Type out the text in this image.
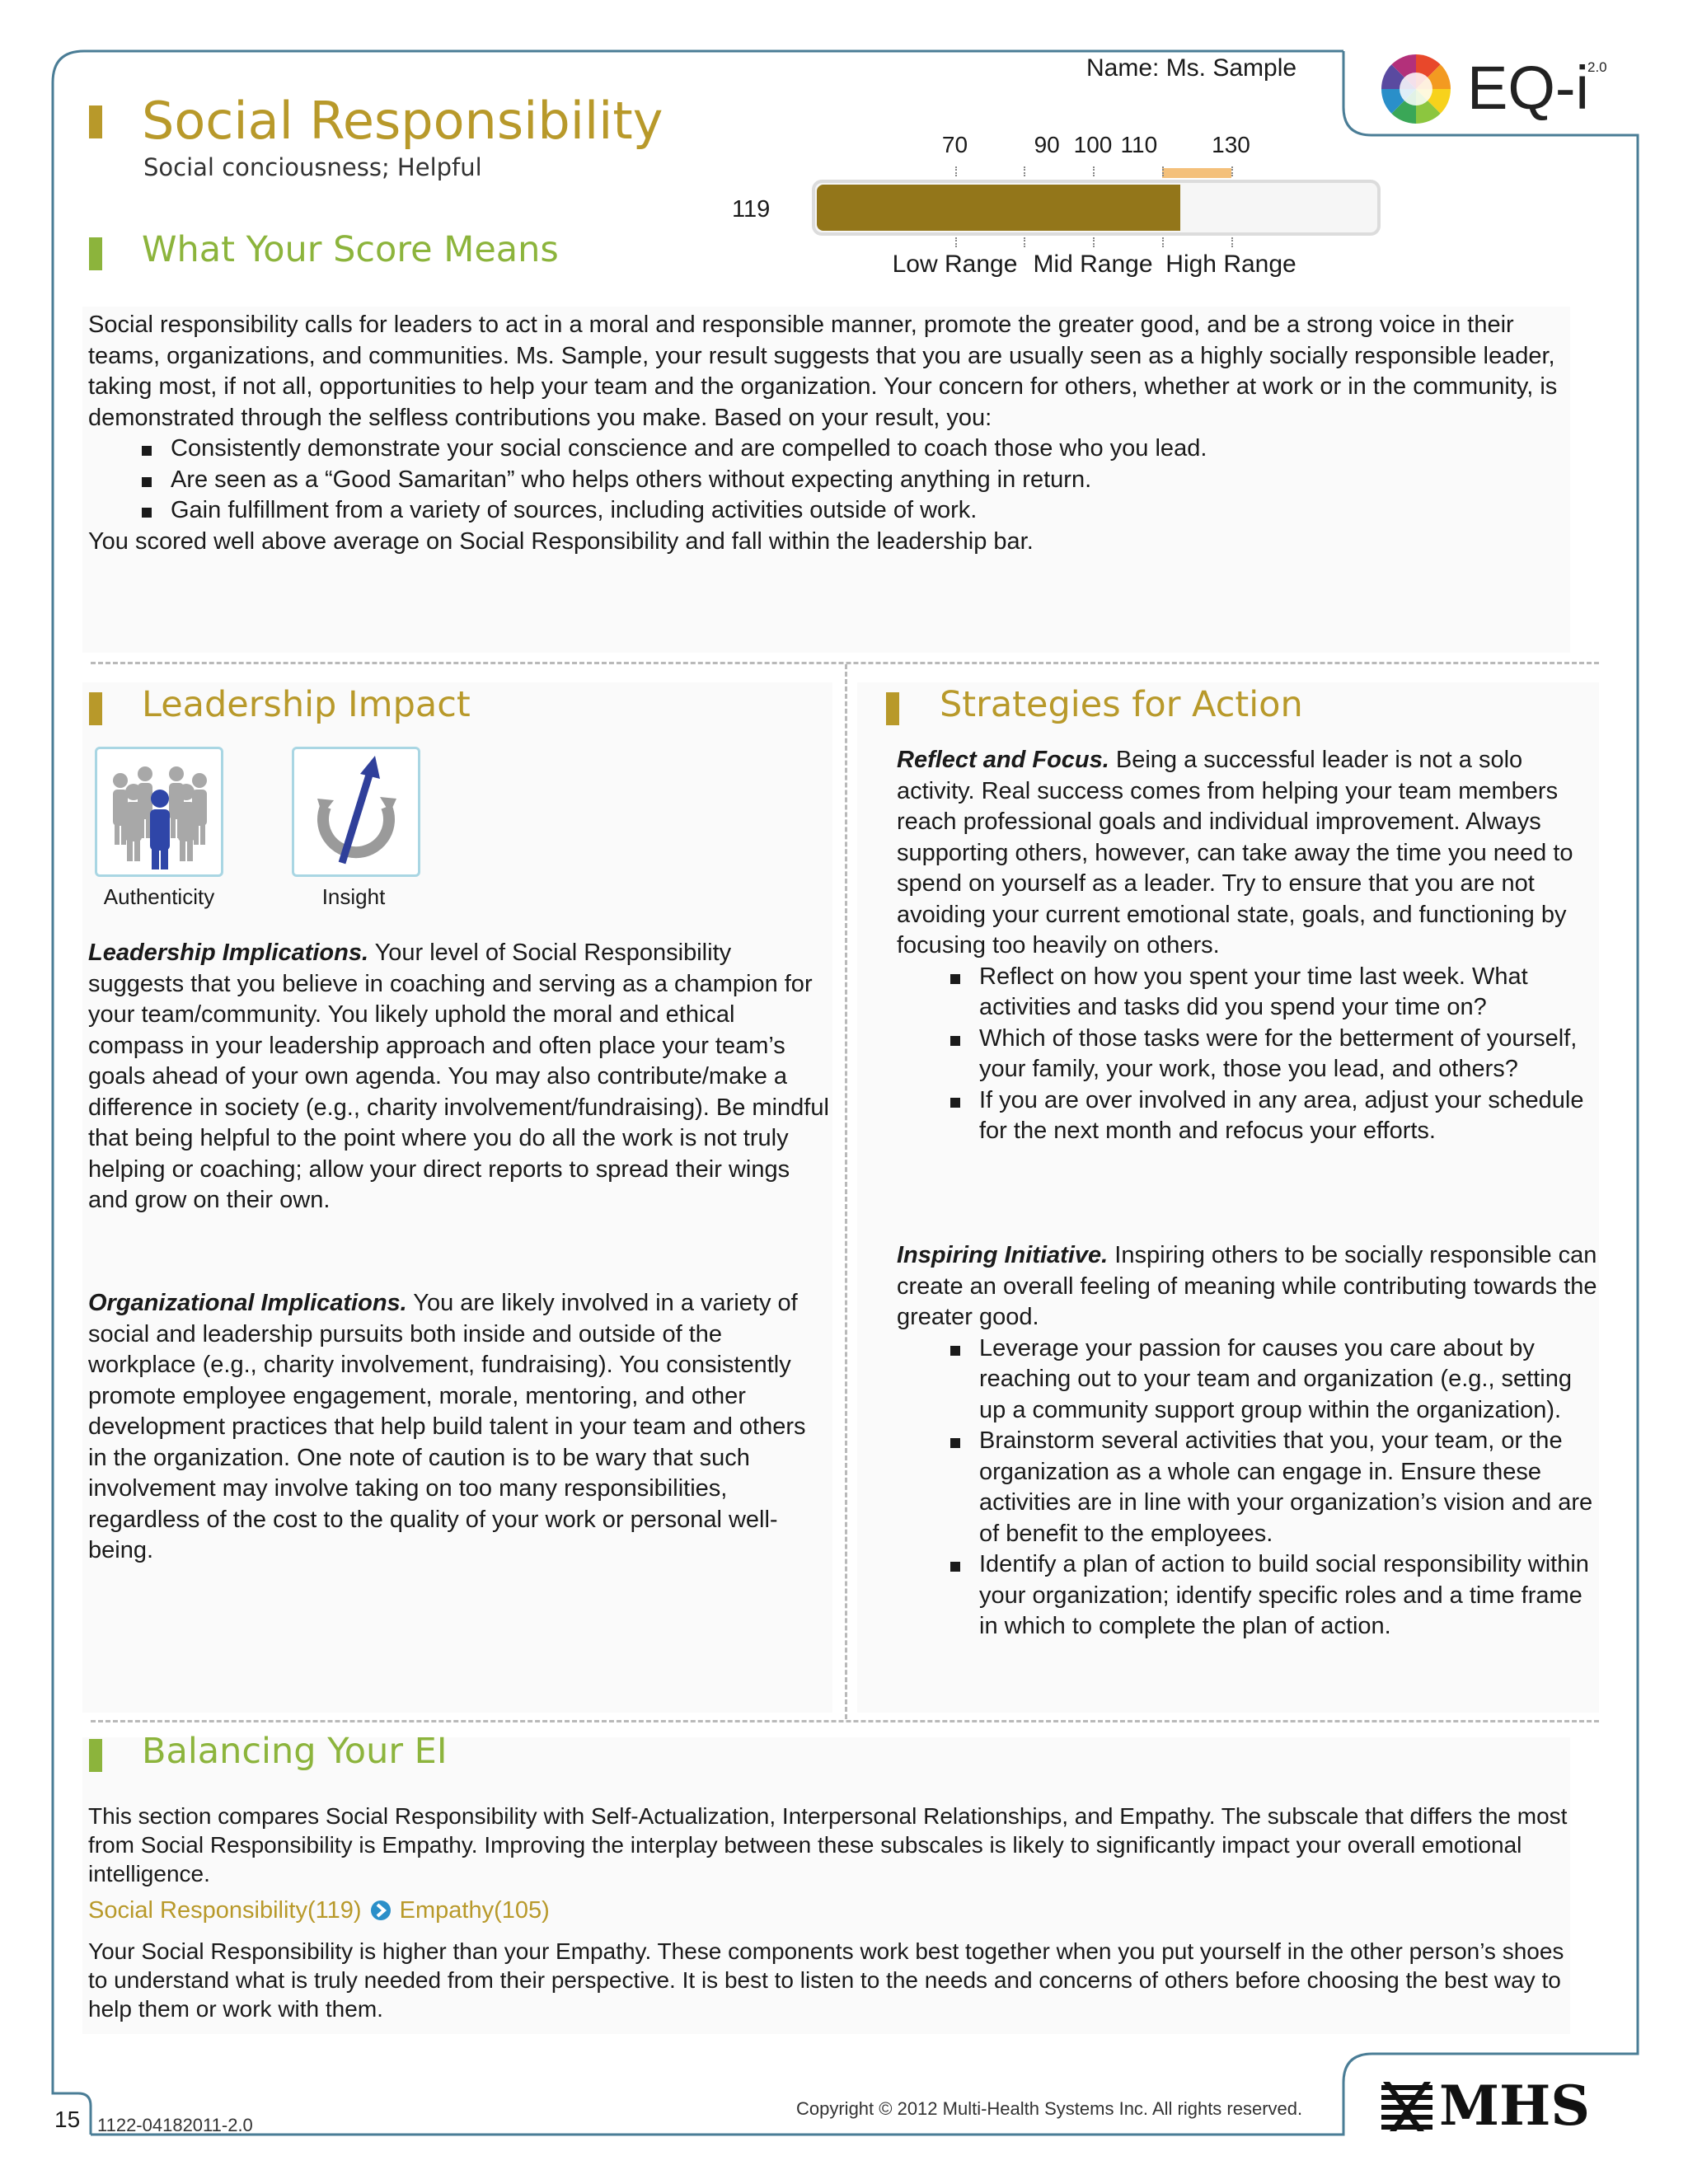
Name: Ms. Sample	EQ-i
2.0
Social Responsibility
Social conciousness; Helpful
119
70	90 100 110 130
Low Range Mid Range High Range
What Your Score Means

Social responsibility calls for leaders to act in a moral and responsible manner, promote the greater good, and be a strong voice in their teams, organizations, and communities. Ms. Sample, your result suggests that you are usually seen as a highly socially responsible leader, taking most, if not all, opportunities to help your team and the organization. Your concern for others, whether at work or in the community, is demonstrated through the selfless contributions you make. Based on your result, you:

Consistently demonstrate your social conscience and are compelled to coach those who you lead.
Are seen as a “Good Samaritan” who helps others without expecting anything in return.
Gain fulfillment from a variety of sources, including activities outside of work.

You scored well above average on Social Responsibility and fall within the leadership bar.

Leadership Impact
Authenticity	Insight

Leadership Implications. Your level of Social Responsibility suggests that you believe in coaching and serving as a champion for your team/community. You likely uphold the moral and ethical compass in your leadership approach and often place your team’s goals ahead of your own agenda. You may also contribute/make a difference in society (e.g., charity involvement/fundraising). Be mindful that being helpful to the point where you do all the work is not truly helping or coaching; allow your direct reports to spread their wings and grow on their own.

Organizational Implications. You are likely involved in a variety of social and leadership pursuits both inside and outside of the workplace (e.g., charity involvement, fundraising). You consistently promote employee engagement, morale, mentoring, and other development practices that help build talent in your team and others in the organization. One note of caution is to be wary that such involvement may involve taking on too many responsibilities, regardless of the cost to the quality of your work or personal well-being.

Strategies for Action

Reflect and Focus. Being a successful leader is not a solo activity. Real success comes from helping your team members reach professional goals and individual improvement. Always supporting others, however, can take away the time you need to spend on yourself as a leader. Try to ensure that you are not avoiding your current emotional state, goals, and functioning by focusing too heavily on others.

Reflect on how you spent your time last week. What activities and tasks did you spend your time on?
Which of those tasks were for the betterment of yourself, your family, your work, those you lead, and others?
If you are over involved in any area, adjust your schedule for the next month and refocus your efforts.

Inspiring Initiative. Inspiring others to be socially responsible can create an overall feeling of meaning while contributing towards the greater good.

Leverage your passion for causes you care about by reaching out to your team and organization (e.g., setting up a community support group within the organization).
Brainstorm several activities that you, your team, or the organization as a whole can engage in. Ensure these activities are in line with your organization’s vision and are of benefit to the employees.
Identify a plan of action to build social responsibility within your organization; identify specific roles and a time frame in which to complete the plan of action.
Balancing Your EI
This section compares Social Responsibility with Self-Actualization, Interpersonal Relationships, and Empathy. The subscale that differs the most from Social Responsibility is Empathy. Improving the interplay between these subscales is likely to significantly impact your overall emotional intelligence.
Social Responsibility(119) Empathy(105)
Your Social Responsibility is higher than your Empathy. These components work best together when you put yourself in the other person’s shoes to understand what is truly needed from their perspective. It is best to listen to the needs and concerns of others before choosing the best way to help them or work with them.
15 1122-04182011-2.0
Copyright © 2012 Multi-Health Systems Inc. All rights reserved.	MHS
